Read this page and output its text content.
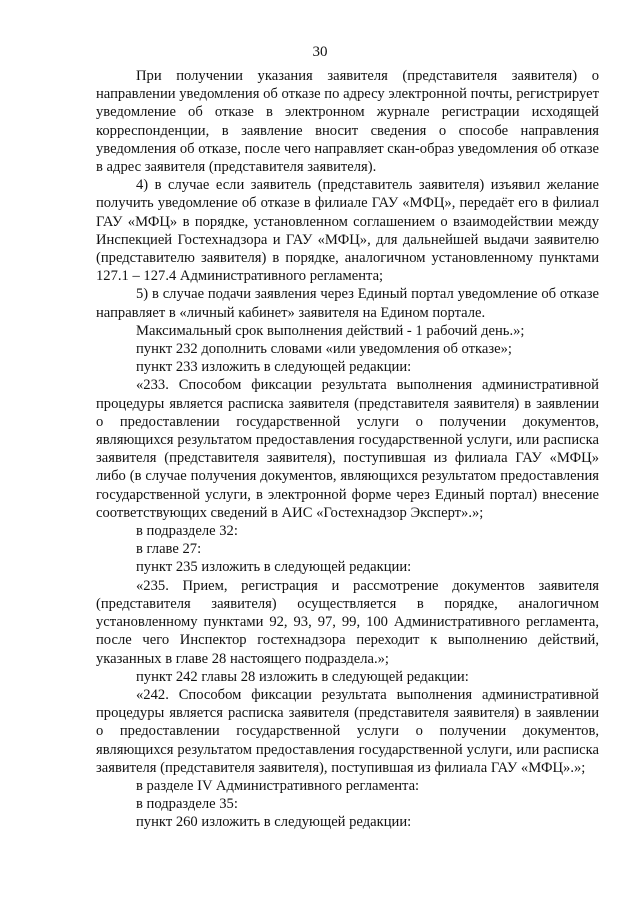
30

При получении указания заявителя (представителя заявителя) о направлении уведомления об отказе по адресу электронной почты, регистрирует уведомление об отказе в электронном журнале регистрации исходящей корреспонденции, в заявление вносит сведения о способе направления уведомления об отказе, после чего направляет скан-образ уведомления об отказе в адрес заявителя (представителя заявителя).

4) в случае если заявитель (представитель заявителя) изъявил желание получить уведомление об отказе в филиале ГАУ «МФЦ», передаёт его в филиал ГАУ «МФЦ» в порядке, установленном соглашением о взаимодействии между Инспекцией Гостехнадзора и ГАУ «МФЦ», для дальнейшей выдачи заявителю (представителю заявителя) в порядке, аналогичном установленному пунктами 127.1 – 127.4 Административного регламента;

5) в случае подачи заявления через Единый портал уведомление об отказе направляет в «личный кабинет» заявителя на Едином портале.

Максимальный срок выполнения действий - 1 рабочий день.»;

пункт 232 дополнить словами «или уведомления об отказе»;

пункт 233 изложить в следующей редакции:

«233. Способом фиксации результата выполнения административной процедуры является расписка заявителя (представителя заявителя) в заявлении о предоставлении государственной услуги о получении документов, являющихся результатом предоставления государственной услуги, или расписка заявителя (представителя заявителя), поступившая из филиала ГАУ «МФЦ» либо (в случае получения документов, являющихся результатом предоставления государственной услуги, в электронной форме через Единый портал) внесение соответствующих сведений в АИС «Гостехнадзор Эксперт».»;

в подразделе 32:

в главе 27:

пункт 235 изложить в следующей редакции:

«235. Прием, регистрация и рассмотрение документов заявителя (представителя заявителя) осуществляется в порядке, аналогичном установленному пунктами 92, 93, 97, 99, 100 Административного регламента, после чего Инспектор гостехнадзора переходит к выполнению действий, указанных в главе 28 настоящего подраздела.»;

пункт 242 главы 28 изложить в следующей редакции:

«242. Способом фиксации результата выполнения административной процедуры является расписка заявителя (представителя заявителя) в заявлении о предоставлении государственной услуги о получении документов, являющихся результатом предоставления государственной услуги, или расписка заявителя (представителя заявителя), поступившая из филиала ГАУ «МФЦ».»;

в разделе IV Административного регламента:

в подразделе 35:

пункт 260 изложить в следующей редакции:
